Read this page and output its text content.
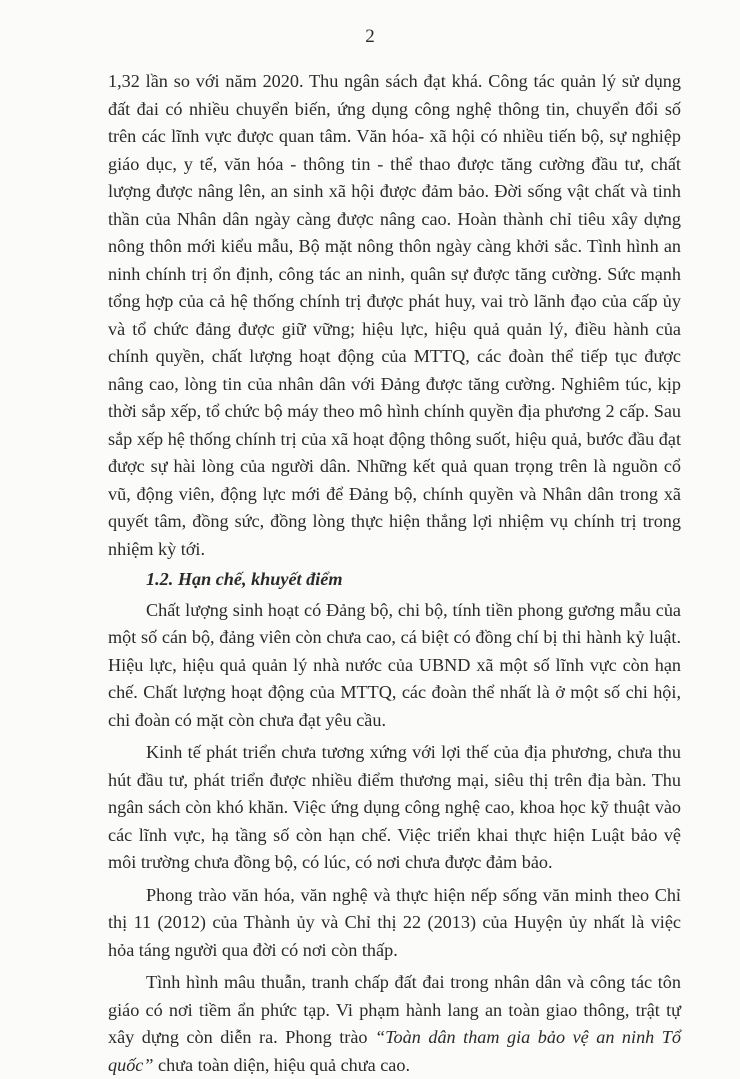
2

1,32 lần so với năm 2020. Thu ngân sách đạt khá. Công tác quản lý sử dụng đất đai có nhiều chuyển biến, ứng dụng công nghệ thông tin, chuyển đổi số trên các lĩnh vực được quan tâm. Văn hóa- xã hội có nhiều tiến bộ, sự nghiệp giáo dục, y tế, văn hóa - thông tin - thể thao được tăng cường đầu tư, chất lượng được nâng lên, an sinh xã hội được đảm bảo. Đời sống vật chất và tinh thần của Nhân dân ngày càng được nâng cao. Hoàn thành chỉ tiêu xây dựng nông thôn mới kiểu mẫu, Bộ mặt nông thôn ngày càng khởi sắc. Tình hình an ninh chính trị ổn định, công tác an ninh, quân sự được tăng cường. Sức mạnh tổng hợp của cả hệ thống chính trị được phát huy, vai trò lãnh đạo của cấp ủy và tổ chức đảng được giữ vững; hiệu lực, hiệu quả quản lý, điều hành của chính quyền, chất lượng hoạt động của MTTQ, các đoàn thể tiếp tục được nâng cao, lòng tin của nhân dân với Đảng được tăng cường. Nghiêm túc, kịp thời sắp xếp, tổ chức bộ máy theo mô hình chính quyền địa phương 2 cấp. Sau sắp xếp hệ thống chính trị của xã hoạt động thông suốt, hiệu quả, bước đầu đạt được sự hài lòng của người dân. Những kết quả quan trọng trên là nguồn cổ vũ, động viên, động lực mới để Đảng bộ, chính quyền và Nhân dân trong xã quyết tâm, đồng sức, đồng lòng thực hiện thắng lợi nhiệm vụ chính trị trong nhiệm kỳ tới.

1.2. Hạn chế, khuyết điểm

Chất lượng sinh hoạt có Đảng bộ, chi bộ, tính tiền phong gương mẫu của một số cán bộ, đảng viên còn chưa cao, cá biệt có đồng chí bị thi hành kỷ luật. Hiệu lực, hiệu quả quản lý nhà nước của UBND xã một số lĩnh vực còn hạn chế. Chất lượng hoạt động của MTTQ, các đoàn thể nhất là ở một số chi hội, chi đoàn có mặt còn chưa đạt yêu cầu.

Kinh tế phát triển chưa tương xứng với lợi thế của địa phương, chưa thu hút đầu tư, phát triển được nhiều điểm thương mại, siêu thị trên địa bàn. Thu ngân sách còn khó khăn. Việc ứng dụng công nghệ cao, khoa học kỹ thuật vào các lĩnh vực, hạ tầng số còn hạn chế. Việc triển khai thực hiện Luật bảo vệ môi trường chưa đồng bộ, có lúc, có nơi chưa được đảm bảo.

Phong trào văn hóa, văn nghệ và thực hiện nếp sống văn minh theo Chỉ thị 11 (2012) của Thành ủy và Chỉ thị 22 (2013) của Huyện ủy nhất là việc hỏa táng người qua đời có nơi còn thấp.

Tình hình mâu thuẫn, tranh chấp đất đai trong nhân dân và công tác tôn giáo có nơi tiềm ẩn phức tạp. Vi phạm hành lang an toàn giao thông, trật tự xây dựng còn diễn ra. Phong trào “Toàn dân tham gia bảo vệ an ninh Tổ quốc” chưa toàn diện, hiệu quả chưa cao.
